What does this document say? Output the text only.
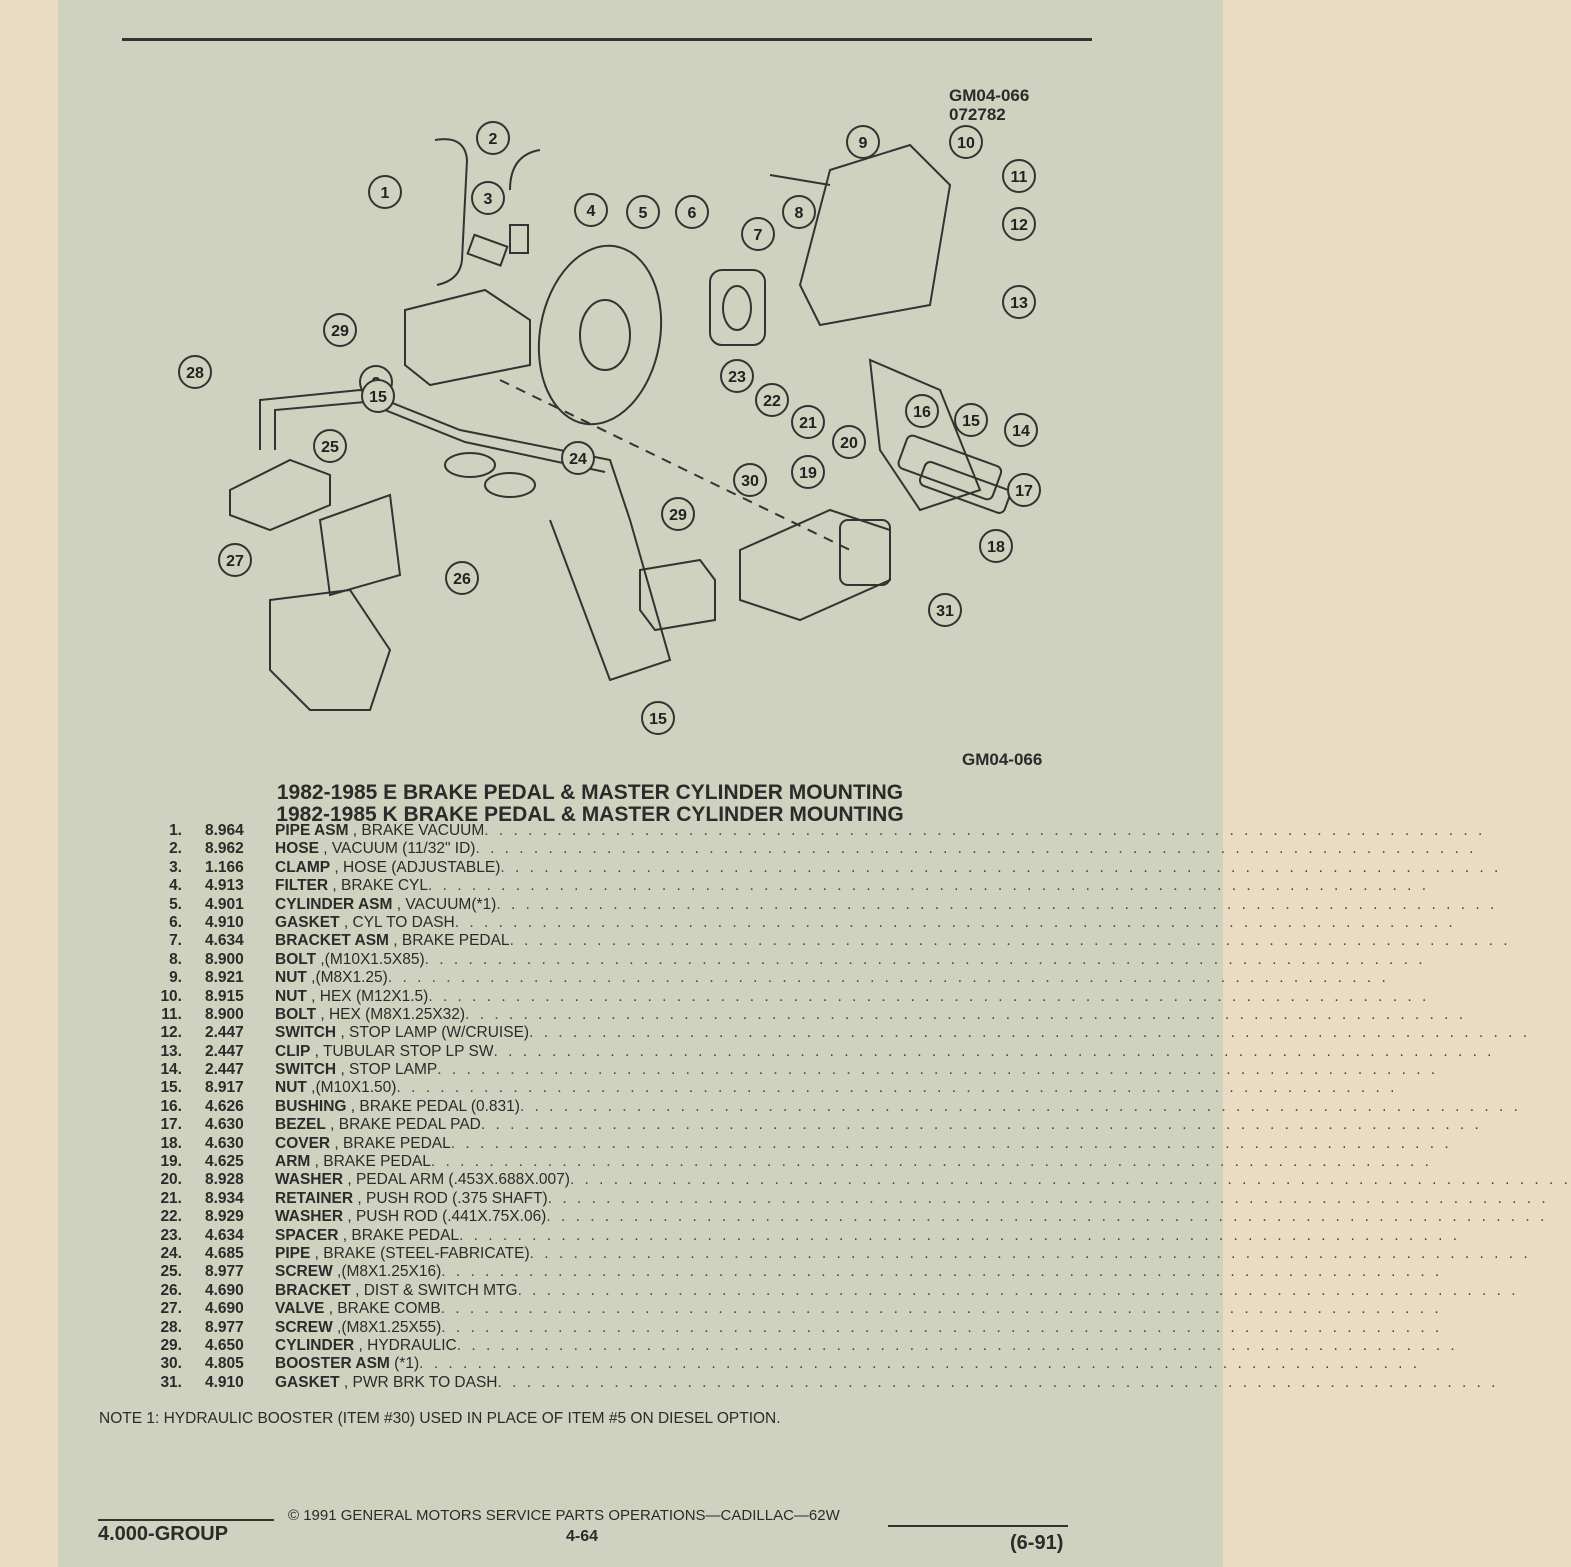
GM04-066
072782
1
2
3
4	5	6
7
8
9	10
11
12
13
14
15
16
17
18
19
20
21
22
23
24
25
26
27
28
29
30
31
15
29
15
GM04-066
1982-1985 E BRAKE PEDAL & MASTER CYLINDER MOUNTING
1982-1985 K BRAKE PEDAL & MASTER CYLINDER MOUNTING
1. 8.964 PIPE ASM , BRAKE VACUUM. . . . . . . . . . . . . . . . . . . . . . . . . . . . . . . . . . . . . . . . . . . . . . . . . . . . . . . . . . . . . . . . . . . . .
2. 8.962 HOSE , VACUUM (11/32" ID). . . . . . . . . . . . . . . . . . . . . . . . . . . . . . . . . . . . . . . . . . . . . . . . . . . . . . . . . . . . . . . . . . . . .
3. 1.166 CLAMP , HOSE (ADJUSTABLE). . . . . . . . . . . . . . . . . . . . . . . . . . . . . . . . . . . . . . . . . . . . . . . . . . . . . . . . . . . . . . . . . . . . .
4. 4.913 FILTER , BRAKE CYL. . . . . . . . . . . . . . . . . . . . . . . . . . . . . . . . . . . . . . . . . . . . . . . . . . . . . . . . . . . . . . . . . . . . .
5. 4.901 CYLINDER ASM , VACUUM(*1). . . . . . . . . . . . . . . . . . . . . . . . . . . . . . . . . . . . . . . . . . . . . . . . . . . . . . . . . . . . . . . . . . . . .
6. 4.910 GASKET , CYL TO DASH. . . . . . . . . . . . . . . . . . . . . . . . . . . . . . . . . . . . . . . . . . . . . . . . . . . . . . . . . . . . . . . . . . . . .
7. 4.634 BRACKET ASM , BRAKE PEDAL. . . . . . . . . . . . . . . . . . . . . . . . . . . . . . . . . . . . . . . . . . . . . . . . . . . . . . . . . . . . . . . . . . . . .
8. 8.900 BOLT ,(M10X1.5X85). . . . . . . . . . . . . . . . . . . . . . . . . . . . . . . . . . . . . . . . . . . . . . . . . . . . . . . . . . . . . . . . . . . . .
9. 8.921 NUT ,(M8X1.25). . . . . . . . . . . . . . . . . . . . . . . . . . . . . . . . . . . . . . . . . . . . . . . . . . . . . . . . . . . . . . . . . . . . .
10. 8.915 NUT , HEX (M12X1.5). . . . . . . . . . . . . . . . . . . . . . . . . . . . . . . . . . . . . . . . . . . . . . . . . . . . . . . . . . . . . . . . . . . . .
11. 8.900 BOLT , HEX (M8X1.25X32). . . . . . . . . . . . . . . . . . . . . . . . . . . . . . . . . . . . . . . . . . . . . . . . . . . . . . . . . . . . . . . . . . . . .
12. 2.447 SWITCH , STOP LAMP (W/CRUISE). . . . . . . . . . . . . . . . . . . . . . . . . . . . . . . . . . . . . . . . . . . . . . . . . . . . . . . . . . . . . . . . . . . . .
13. 2.447 CLIP , TUBULAR STOP LP SW. . . . . . . . . . . . . . . . . . . . . . . . . . . . . . . . . . . . . . . . . . . . . . . . . . . . . . . . . . . . . . . . . . . . .
14. 2.447 SWITCH , STOP LAMP. . . . . . . . . . . . . . . . . . . . . . . . . . . . . . . . . . . . . . . . . . . . . . . . . . . . . . . . . . . . . . . . . . . . .
15. 8.917 NUT ,(M10X1.50). . . . . . . . . . . . . . . . . . . . . . . . . . . . . . . . . . . . . . . . . . . . . . . . . . . . . . . . . . . . . . . . . . . . .
16. 4.626 BUSHING , BRAKE PEDAL (0.831). . . . . . . . . . . . . . . . . . . . . . . . . . . . . . . . . . . . . . . . . . . . . . . . . . . . . . . . . . . . . . . . . . . . .
17. 4.630 BEZEL , BRAKE PEDAL PAD. . . . . . . . . . . . . . . . . . . . . . . . . . . . . . . . . . . . . . . . . . . . . . . . . . . . . . . . . . . . . . . . . . . . .
18. 4.630 COVER , BRAKE PEDAL. . . . . . . . . . . . . . . . . . . . . . . . . . . . . . . . . . . . . . . . . . . . . . . . . . . . . . . . . . . . . . . . . . . . .
19. 4.625 ARM , BRAKE PEDAL. . . . . . . . . . . . . . . . . . . . . . . . . . . . . . . . . . . . . . . . . . . . . . . . . . . . . . . . . . . . . . . . . . . . .
20. 8.928 WASHER , PEDAL ARM (.453X.688X.007). . . . . . . . . . . . . . . . . . . . . . . . . . . . . . . . . . . . . . . . . . . . . . . . . . . . . . . . . . . . . . . . . . . . .
21. 8.934 RETAINER , PUSH ROD (.375 SHAFT). . . . . . . . . . . . . . . . . . . . . . . . . . . . . . . . . . . . . . . . . . . . . . . . . . . . . . . . . . . . . . . . . . . . .
22. 8.929 WASHER , PUSH ROD (.441X.75X.06). . . . . . . . . . . . . . . . . . . . . . . . . . . . . . . . . . . . . . . . . . . . . . . . . . . . . . . . . . . . . . . . . . . . .
23. 4.634 SPACER , BRAKE PEDAL. . . . . . . . . . . . . . . . . . . . . . . . . . . . . . . . . . . . . . . . . . . . . . . . . . . . . . . . . . . . . . . . . . . . .
24. 4.685 PIPE , BRAKE (STEEL-FABRICATE). . . . . . . . . . . . . . . . . . . . . . . . . . . . . . . . . . . . . . . . . . . . . . . . . . . . . . . . . . . . . . . . . . . . .
25. 8.977 SCREW ,(M8X1.25X16). . . . . . . . . . . . . . . . . . . . . . . . . . . . . . . . . . . . . . . . . . . . . . . . . . . . . . . . . . . . . . . . . . . . .
26. 4.690 BRACKET , DIST & SWITCH MTG. . . . . . . . . . . . . . . . . . . . . . . . . . . . . . . . . . . . . . . . . . . . . . . . . . . . . . . . . . . . . . . . . . . . .
27. 4.690 VALVE , BRAKE COMB. . . . . . . . . . . . . . . . . . . . . . . . . . . . . . . . . . . . . . . . . . . . . . . . . . . . . . . . . . . . . . . . . . . . .
28. 8.977 SCREW ,(M8X1.25X55). . . . . . . . . . . . . . . . . . . . . . . . . . . . . . . . . . . . . . . . . . . . . . . . . . . . . . . . . . . . . . . . . . . . .
29. 4.650 CYLINDER , HYDRAULIC. . . . . . . . . . . . . . . . . . . . . . . . . . . . . . . . . . . . . . . . . . . . . . . . . . . . . . . . . . . . . . . . . . . . .
30. 4.805 BOOSTER ASM (*1). . . . . . . . . . . . . . . . . . . . . . . . . . . . . . . . . . . . . . . . . . . . . . . . . . . . . . . . . . . . . . . . . . . . .
31. 4.910 GASKET , PWR BRK TO DASH. . . . . . . . . . . . . . . . . . . . . . . . . . . . . . . . . . . . . . . . . . . . . . . . . . . . . . . . . . . . . . . . . . . . .
NOTE 1: HYDRAULIC BOOSTER (ITEM #30) USED IN PLACE OF ITEM #5 ON DIESEL OPTION.
4.000-GROUP
© 1991 GENERAL MOTORS SERVICE PARTS OPERATIONS—CADILLAC—62W
4-64	(6-91)
